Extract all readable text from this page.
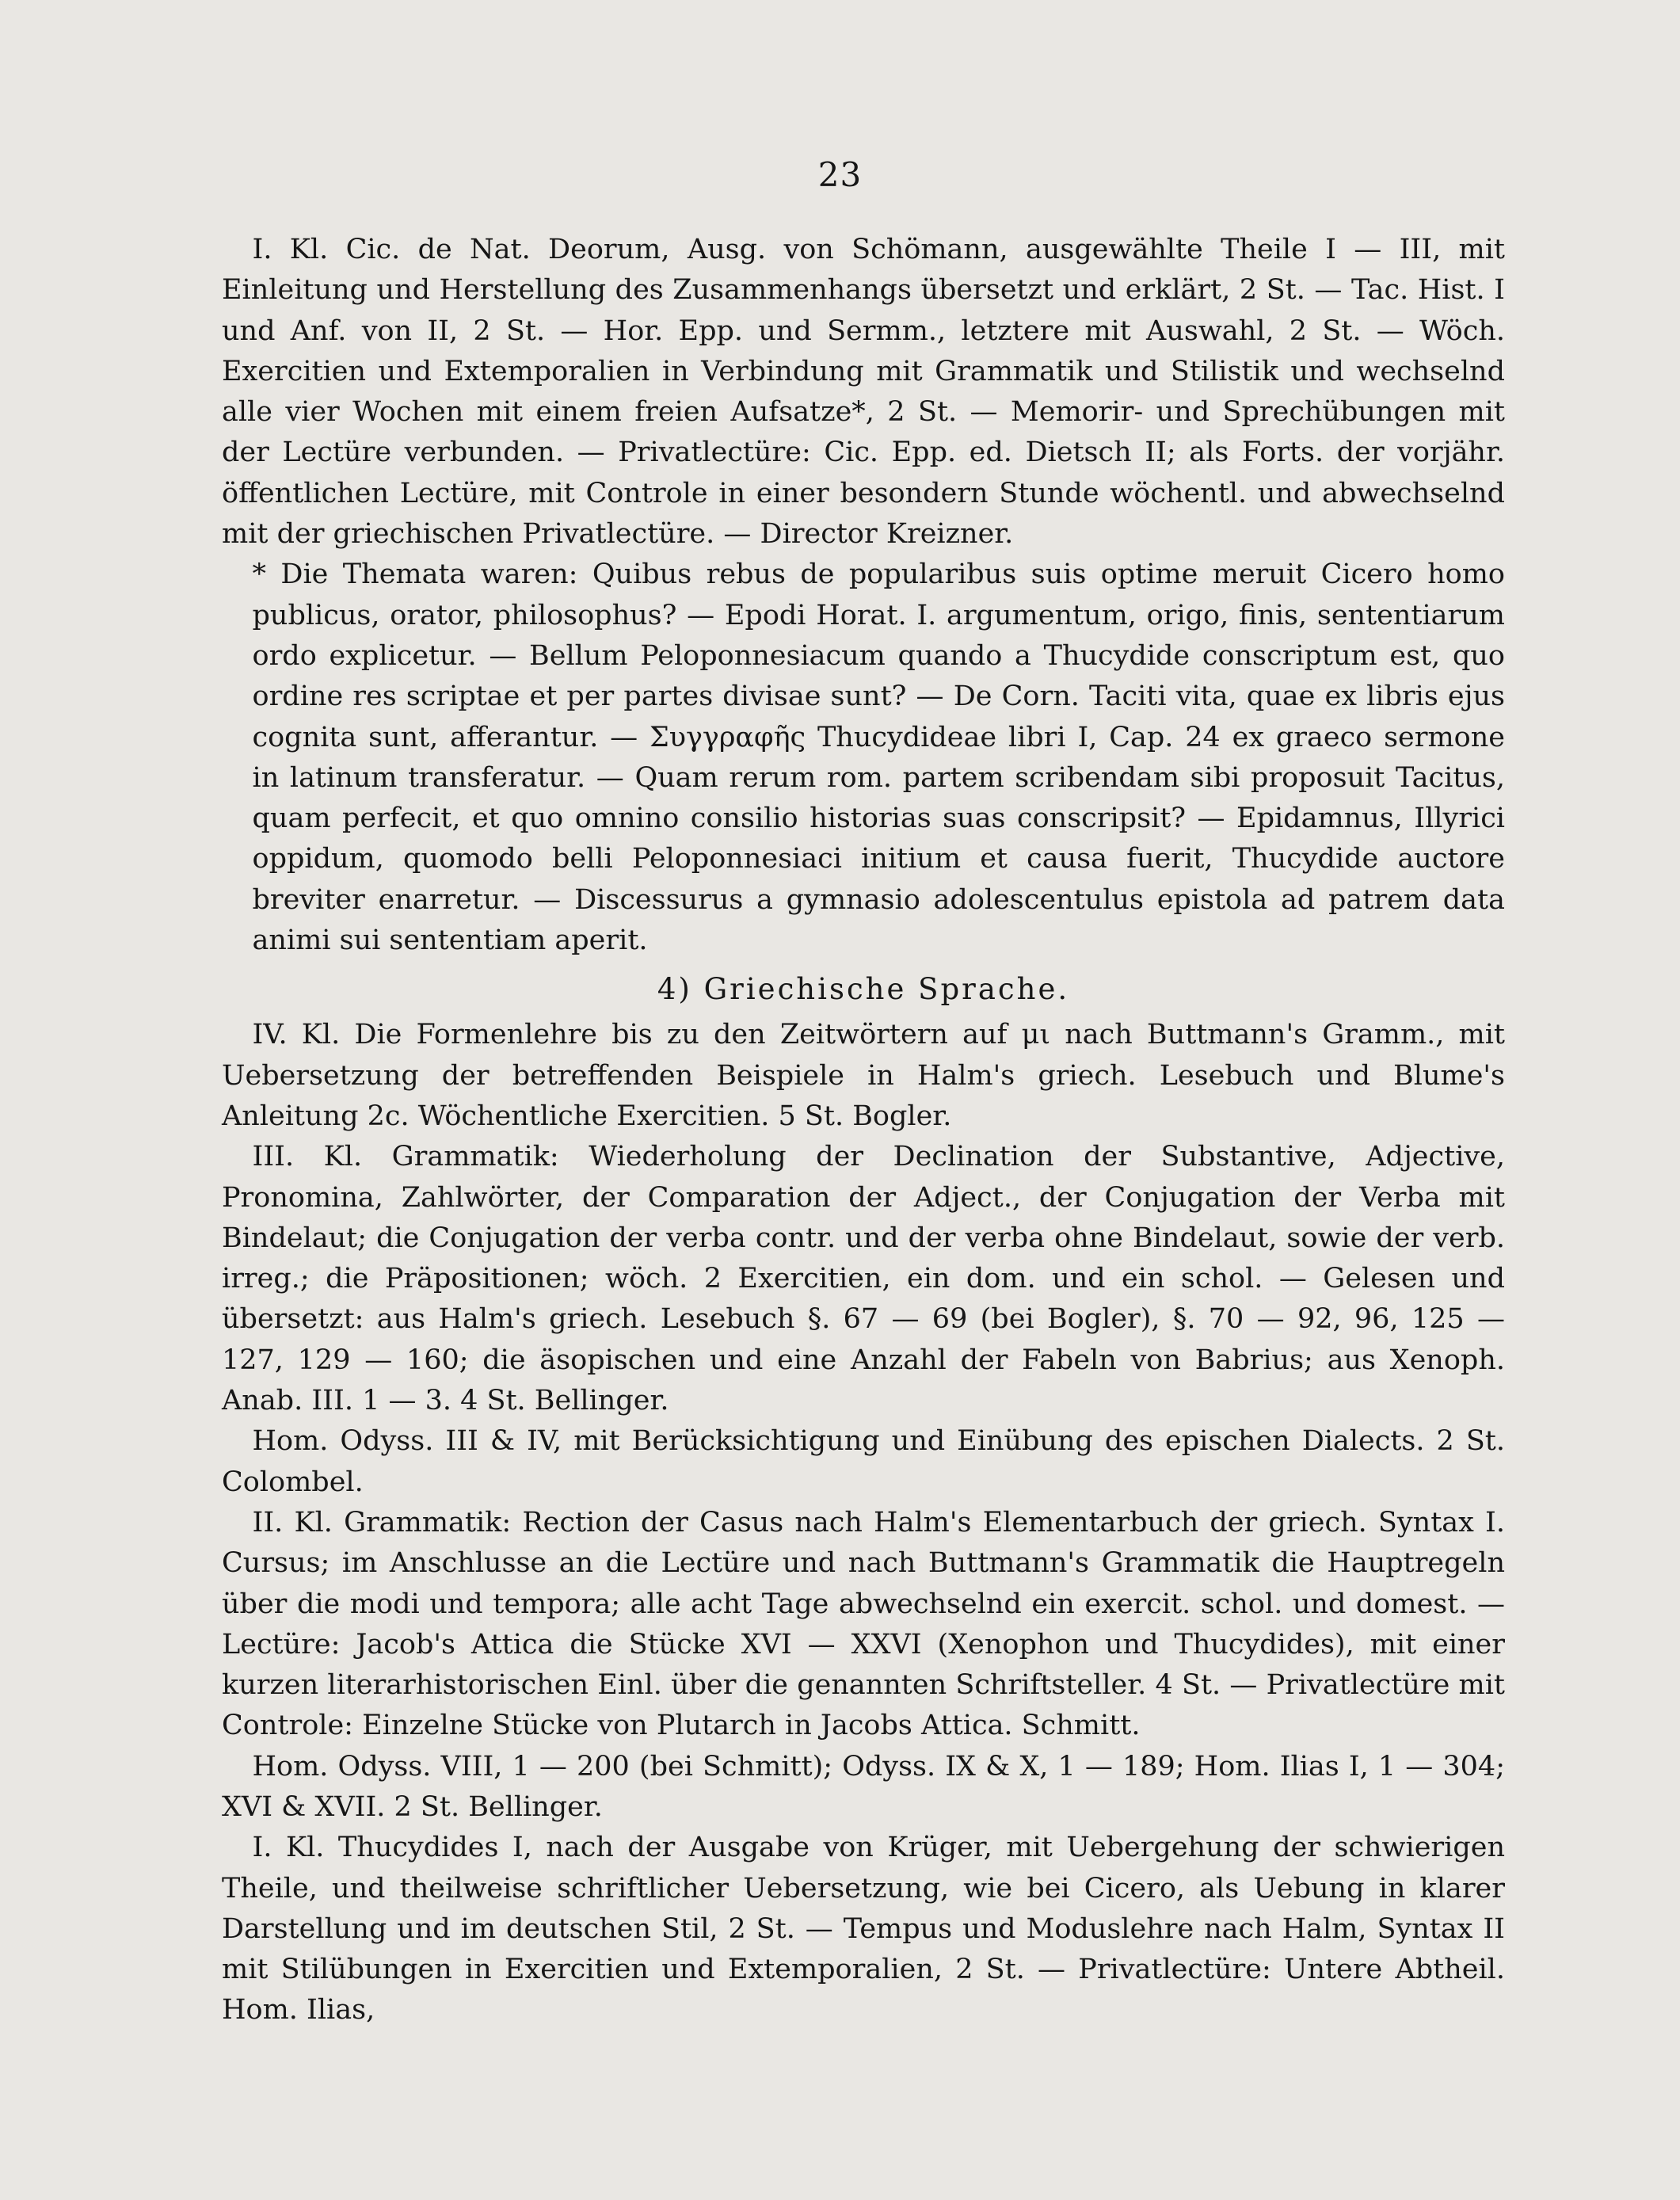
23

I. Kl. Cic. de Nat. Deorum, Ausg. von Schömann, ausgewählte Theile I — III, mit Einleitung und Herstellung des Zusammenhangs übersetzt und erklärt, 2 St. — Tac. Hist. I und Anf. von II, 2 St. — Hor. Epp. und Sermm., letztere mit Auswahl, 2 St. — Wöch. Exercitien und Extemporalien in Verbindung mit Grammatik und Stilistik und wechselnd alle vier Wochen mit einem freien Aufsatze*, 2 St. — Memorir- und Sprechübungen mit der Lectüre verbunden. — Privatlectüre: Cic. Epp. ed. Dietsch II; als Forts. der vorjähr. öffentlichen Lectüre, mit Controle in einer besondern Stunde wöchentl. und abwechselnd mit der griechischen Privatlectüre. — Director Kreizner.

* Die Themata waren: Quibus rebus de popularibus suis optime meruit Cicero homo publicus, orator, philosophus? — Epodi Horat. I. argumentum, origo, finis, sententiarum ordo explicetur. — Bellum Peloponnesiacum quando a Thucydide conscriptum est, quo ordine res scriptae et per partes divisae sunt? — De Corn. Taciti vita, quae ex libris ejus cognita sunt, afferantur. — Συγγραφῆς Thucydideae libri I, Cap. 24 ex graeco sermone in latinum transferatur. — Quam rerum rom. partem scribendam sibi proposuit Tacitus, quam perfecit, et quo omnino consilio historias suas conscripsit? — Epidamnus, Illyrici oppidum, quomodo belli Peloponnesiaci initium et causa fuerit, Thucydide auctore breviter enarretur. — Discessurus a gymnasio adolescentulus epistola ad patrem data animi sui sententiam aperit.

4) Griechische Sprache.

IV. Kl. Die Formenlehre bis zu den Zeitwörtern auf μι nach Buttmann's Gramm., mit Uebersetzung der betreffenden Beispiele in Halm's griech. Lesebuch und Blume's Anleitung 2c. Wöchentliche Exercitien. 5 St. Bogler.

III. Kl. Grammatik: Wiederholung der Declination der Substantive, Adjective, Pronomina, Zahlwörter, der Comparation der Adject., der Conjugation der Verba mit Bindelaut; die Conjugation der verba contr. und der verba ohne Bindelaut, sowie der verb. irreg.; die Präpositionen; wöch. 2 Exercitien, ein dom. und ein schol. — Gelesen und übersetzt: aus Halm's griech. Lesebuch §. 67 — 69 (bei Bogler), §. 70 — 92, 96, 125 — 127, 129 — 160; die äsopischen und eine Anzahl der Fabeln von Babrius; aus Xenoph. Anab. III. 1 — 3. 4 St. Bellinger.

Hom. Odyss. III & IV, mit Berücksichtigung und Einübung des epischen Dialects. 2 St. Colombel.

II. Kl. Grammatik: Rection der Casus nach Halm's Elementarbuch der griech. Syntax I. Cursus; im Anschlusse an die Lectüre und nach Buttmann's Grammatik die Hauptregeln über die modi und tempora; alle acht Tage abwechselnd ein exercit. schol. und domest. — Lectüre: Jacob's Attica die Stücke XVI — XXVI (Xenophon und Thucydides), mit einer kurzen literarhistorischen Einl. über die genannten Schriftsteller. 4 St. — Privatlectüre mit Controle: Einzelne Stücke von Plutarch in Jacobs Attica. Schmitt.

Hom. Odyss. VIII, 1 — 200 (bei Schmitt); Odyss. IX & X, 1 — 189; Hom. Ilias I, 1 — 304; XVI & XVII. 2 St. Bellinger.

I. Kl. Thucydides I, nach der Ausgabe von Krüger, mit Uebergehung der schwierigen Theile, und theilweise schriftlicher Uebersetzung, wie bei Cicero, als Uebung in klarer Darstellung und im deutschen Stil, 2 St. — Tempus und Moduslehre nach Halm, Syntax II mit Stilübungen in Exercitien und Extemporalien, 2 St. — Privatlectüre: Untere Abtheil. Hom. Ilias,
